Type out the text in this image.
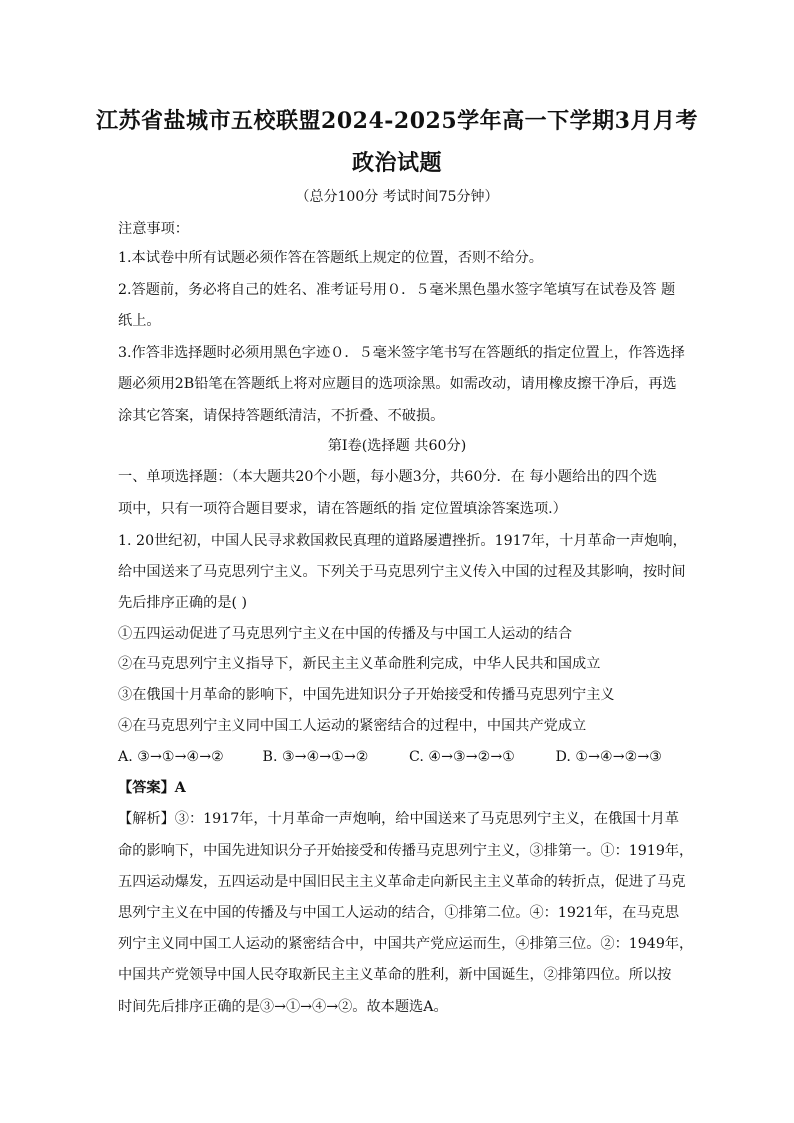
江苏省盐城市五校联盟2024-2025学年高一下学期3月月考
政治试题
（总分100分 考试时间75分钟）
注意事项：
1.本试卷中所有试题必须作答在答题纸上规定的位置，否则不给分。
2.答题前，务必将自己的姓名、准考证号用０．５毫米黑色墨水签字笔填写在试卷及答 题
纸上。
3.作答非选择题时必须用黑色字迹０．５毫米签字笔书写在答题纸的指定位置上，作答选择
题必须用2B铅笔在答题纸上将对应题目的选项涂黑。如需改动，请用橡皮擦干净后，再选
涂其它答案，请保持答题纸清洁，不折叠、不破损。
第Ⅰ卷(选择题 共60分)
一、单项选择题：（本大题共20个小题，每小题3分，共60分．在 每小题给出的四个选
项中，只有一项符合题目要求，请在答题纸的指 定位置填涂答案选项.）
1. 20世纪初，中国人民寻求救国救民真理的道路屡遭挫折。1917年，十月革命一声炮响，
给中国送来了马克思列宁主义。下列关于马克思列宁主义传入中国的过程及其影响，按时间
先后排序正确的是( )
①五四运动促进了马克思列宁主义在中国的传播及与中国工人运动的结合
②在马克思列宁主义指导下，新民主主义革命胜利完成，中华人民共和国成立
③在俄国十月革命的影响下，中国先进知识分子开始接受和传播马克思列宁主义
④在马克思列宁主义同中国工人运动的紧密结合的过程中，中国共产党成立
A. ③→①→④→②	B. ③→④→①→②	C. ④→③→②→①	D. ①→④→②→③
【答案】A
【解析】③：1917年，十月革命一声炮响，给中国送来了马克思列宁主义，在俄国十月革
命的影响下，中国先进知识分子开始接受和传播马克思列宁主义，③排第一。①：1919年，
五四运动爆发，五四运动是中国旧民主主义革命走向新民主主义革命的转折点，促进了马克
思列宁主义在中国的传播及与中国工人运动的结合，①排第二位。④：1921年，在马克思
列宁主义同中国工人运动的紧密结合中，中国共产党应运而生，④排第三位。②：1949年，
中国共产党领导中国人民夺取新民主主义革命的胜利，新中国诞生，②排第四位。所以按
时间先后排序正确的是③→①→④→②。故本题选A。
